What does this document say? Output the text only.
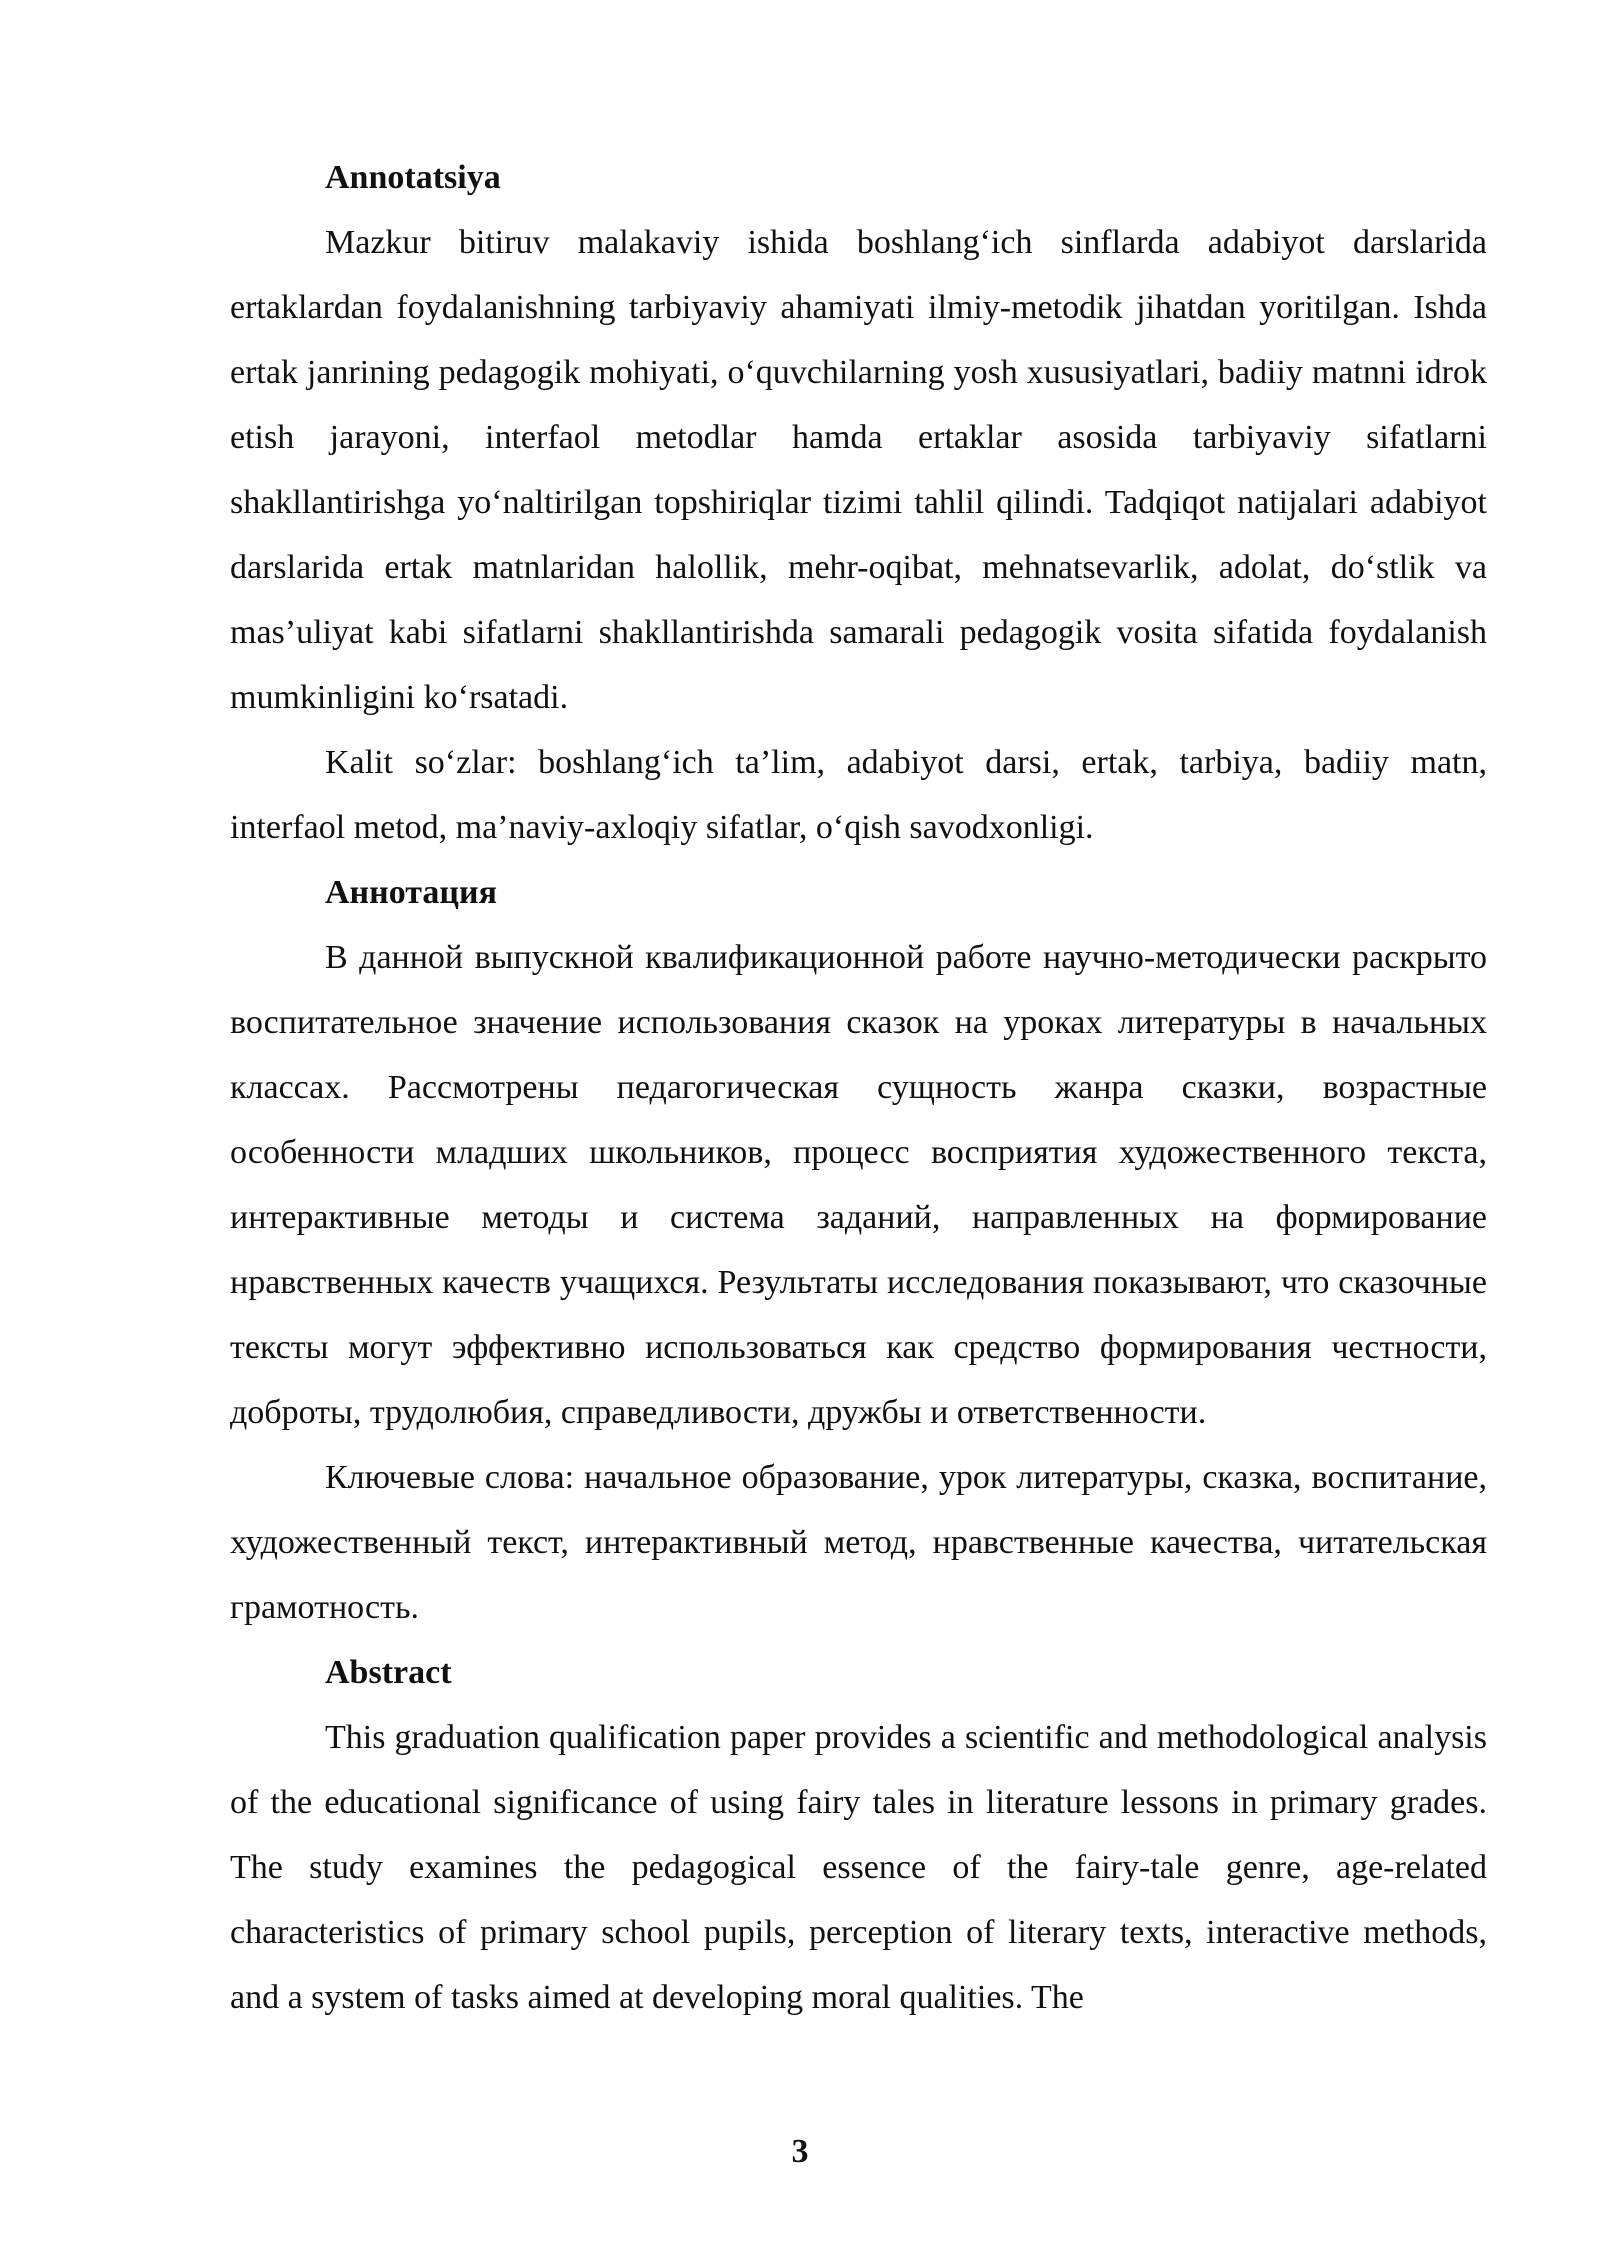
Annotatsiya

Mazkur bitiruv malakaviy ishida boshlang‘ich sinflarda adabiyot darslarida ertaklardan foydalanishning tarbiyaviy ahamiyati ilmiy-metodik jihatdan yoritilgan. Ishda ertak janrining pedagogik mohiyati, o‘quvchilarning yosh xususiyatlari, badiiy matnni idrok etish jarayoni, interfaol metodlar hamda ertaklar asosida tarbiyaviy sifatlarni shakllantirishga yo‘naltirilgan topshiriqlar tizimi tahlil qilindi. Tadqiqot natijalari adabiyot darslarida ertak matnlaridan halollik, mehr-oqibat, mehnatsevarlik, adolat, do‘stlik va mas’uliyat kabi sifatlarni shakllantirishda samarali pedagogik vosita sifatida foydalanish mumkinligini ko‘rsatadi.

Kalit so‘zlar: boshlang‘ich ta’lim, adabiyot darsi, ertak, tarbiya, badiiy matn, interfaol metod, ma’naviy-axloqiy sifatlar, o‘qish savodxonligi.

Аннотация

В данной выпускной квалификационной работе научно-методически раскрыто воспитательное значение использования сказок на уроках литературы в начальных классах. Рассмотрены педагогическая сущность жанра сказки, возрастные особенности младших школьников, процесс восприятия художественного текста, интерактивные методы и система заданий, направленных на формирование нравственных качеств учащихся. Результаты исследования показывают, что сказочные тексты могут эффективно использоваться как средство формирования честности, доброты, трудолюбия, справедливости, дружбы и ответственности.

Ключевые слова: начальное образование, урок литературы, сказка, воспитание, художественный текст, интерактивный метод, нравственные качества, читательская грамотность.

Abstract

This graduation qualification paper provides a scientific and methodological analysis of the educational significance of using fairy tales in literature lessons in primary grades. The study examines the pedagogical essence of the fairy-tale genre, age-related characteristics of primary school pupils, perception of literary texts, interactive methods, and a system of tasks aimed at developing moral qualities. The

3
